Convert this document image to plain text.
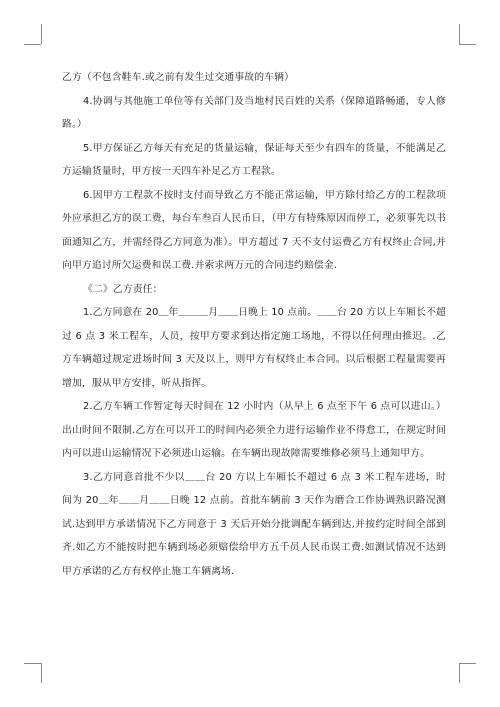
乙方（不包含鞋车.或之前有发生过交通事故的车辆）

4.协调与其他施工单位等有关部门及当地村民百姓的关系（保障道路畅通，专人修路。）

5.甲方保证乙方每天有充足的货量运输，保证每天至少有四车的货量，不能满足乙方运输货量时，甲方按一天四车补足乙方工程款。

6.因甲方工程款不按时支付而导致乙方不能正常运输，甲方除付给乙方的工程款项外应承担乙方的误工费，每台车叁百人民币日，（甲方有特殊原因而停工，必须事先以书面通知乙方，并需经得乙方同意为准）。甲方超过 7 天不支付运费乙方有权终止合同,并向甲方追讨所欠运费和误工费.并索求两万元的合同违约赔偿金.

《二》乙方责任：

1.乙方同意在 20＿年＿＿＿月＿＿日晚上 10 点前。＿＿台 20 方以上车厢长不超过 6 点 3 米工程车，人员，按甲方要求到达指定施工场地，不得以任何理由推迟。.乙方车辆超过规定进场时间 3 天及以上，则甲方有权终止本合同。以后根据工程量需要再增加，服从甲方安排，听从指挥。

2.乙方车辆工作暂定每天时间在 12 小时内（从早上 6 点至下午 6 点可以进山。）出山时间不限制.乙方在可以开工的时间内必须全力进行运输作业不得怠工，在规定时间内可以进山运输情况下必须进山运输。在车辆出现故障需要维修必须马上通知甲方。

3.乙方同意首批不少以＿＿台 20 方以上车厢长不超过 6 点 3 米工程车进场，时间为 20＿年＿＿月＿＿日晚 12 点前。首批车辆前 3 天作为磨合工作协调熟识路况测试.达到甲方承诺情况下乙方同意于 3 天后开始分批调配车辆到达,并按约定时间全部到齐.如乙方不能按时把车辆到场必须赔偿给甲方五千员人民币误工费.如测试情况不达到甲方承诺的乙方有权停止施工车辆离场.
